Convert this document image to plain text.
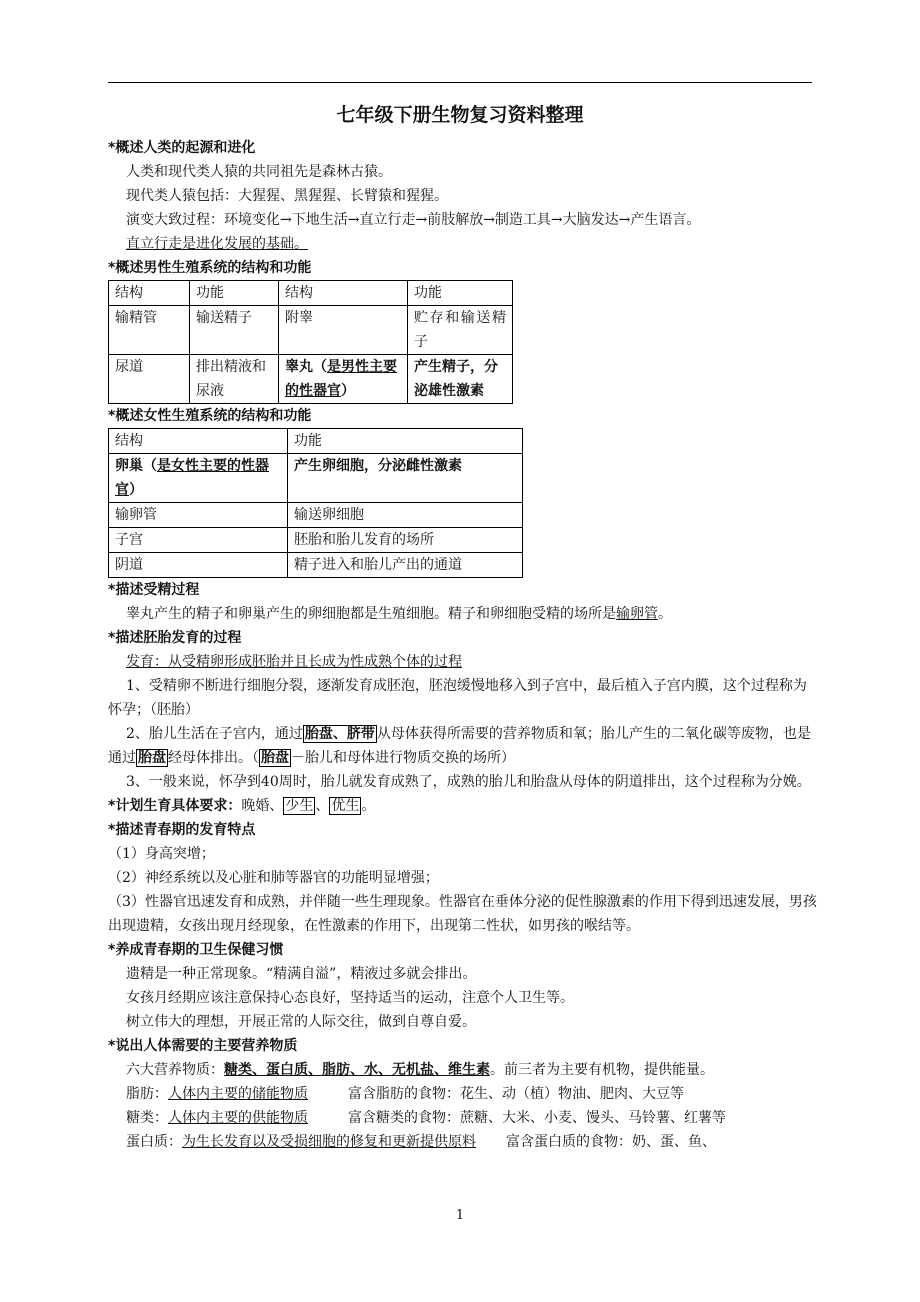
七年级下册生物复习资料整理
*概述人类的起源和进化
人类和现代类人猿的共同祖先是森林古猿。
现代类人猿包括：大猩猩、黑猩猩、长臂猿和猩猩。
演变大致过程：环境变化→下地生活→直立行走→前肢解放→制造工具→大脑发达→产生语言。
直立行走是进化发展的基础。
*概述男性生殖系统的结构和功能
结构	功能	结构	功能
输精管	输送精子	附睾	贮存和输送精子
尿道	排出精液和尿液	睾丸（是男性主要的性器官）	产生精子，分泌雄性激素
*概述女性生殖系统的结构和功能
结构	功能
卵巢（是女性主要的性器官）	产生卵细胞，分泌雌性激素
输卵管	输送卵细胞
子宫	胚胎和胎儿发育的场所
阴道	精子进入和胎儿产出的通道
*描述受精过程
睾丸产生的精子和卵巢产生的卵细胞都是生殖细胞。精子和卵细胞受精的场所是输卵管。
*描述胚胎发育的过程
发育：从受精卵形成胚胎并且长成为性成熟个体的过程
1、受精卵不断进行细胞分裂，逐渐发育成胚泡，胚泡缓慢地移入到子宫中，最后植入子宫内膜，这个过程称为怀孕；（胚胎）
2、胎儿生活在子宫内，通过 胎盘、脐带 从母体获得所需要的营养物质和氧；胎儿产生的二氧化碳等废物，也是通过 胎盘 经母体排出。（ 胎盘 －胎儿和母体进行物质交换的场所）
3、一般来说，怀孕到40周时，胎儿就发育成熟了，成熟的胎儿和胎盘从母体的阴道排出，这个过程称为分娩。
*计划生育具体要求：晚婚、 少生 、 优生 。
*描述青春期的发育特点
（1）身高突增；
（2）神经系统以及心脏和肺等器官的功能明显增强；
（3）性器官迅速发育和成熟，并伴随一些生理现象。性器官在垂体分泌的促性腺激素的作用下得到迅速发展，男孩出现遗精，女孩出现月经现象，在性激素的作用下，出现第二性状，如男孩的喉结等。
*养成青春期的卫生保健习惯
遗精是一种正常现象。“精满自溢”，精液过多就会排出。
女孩月经期应该注意保持心态良好，坚持适当的运动，注意个人卫生等。
树立伟大的理想，开展正常的人际交往，做到自尊自爱。
*说出人体需要的主要营养物质
六大营养物质：糖类、蛋白质、脂肪、水、无机盐、维生素。前三者为主要有机物，提供能量。
脂肪：人体内主要的储能物质	富含脂肪的食物：花生、动（植）物油、肥肉、大豆等
糖类：人体内主要的供能物质	富含糖类的食物：蔗糖、大米、小麦、馒头、马铃薯、红薯等
蛋白质：为生长发育以及受损细胞的修复和更新提供原料 富含蛋白质的食物：奶、蛋、鱼、
1
